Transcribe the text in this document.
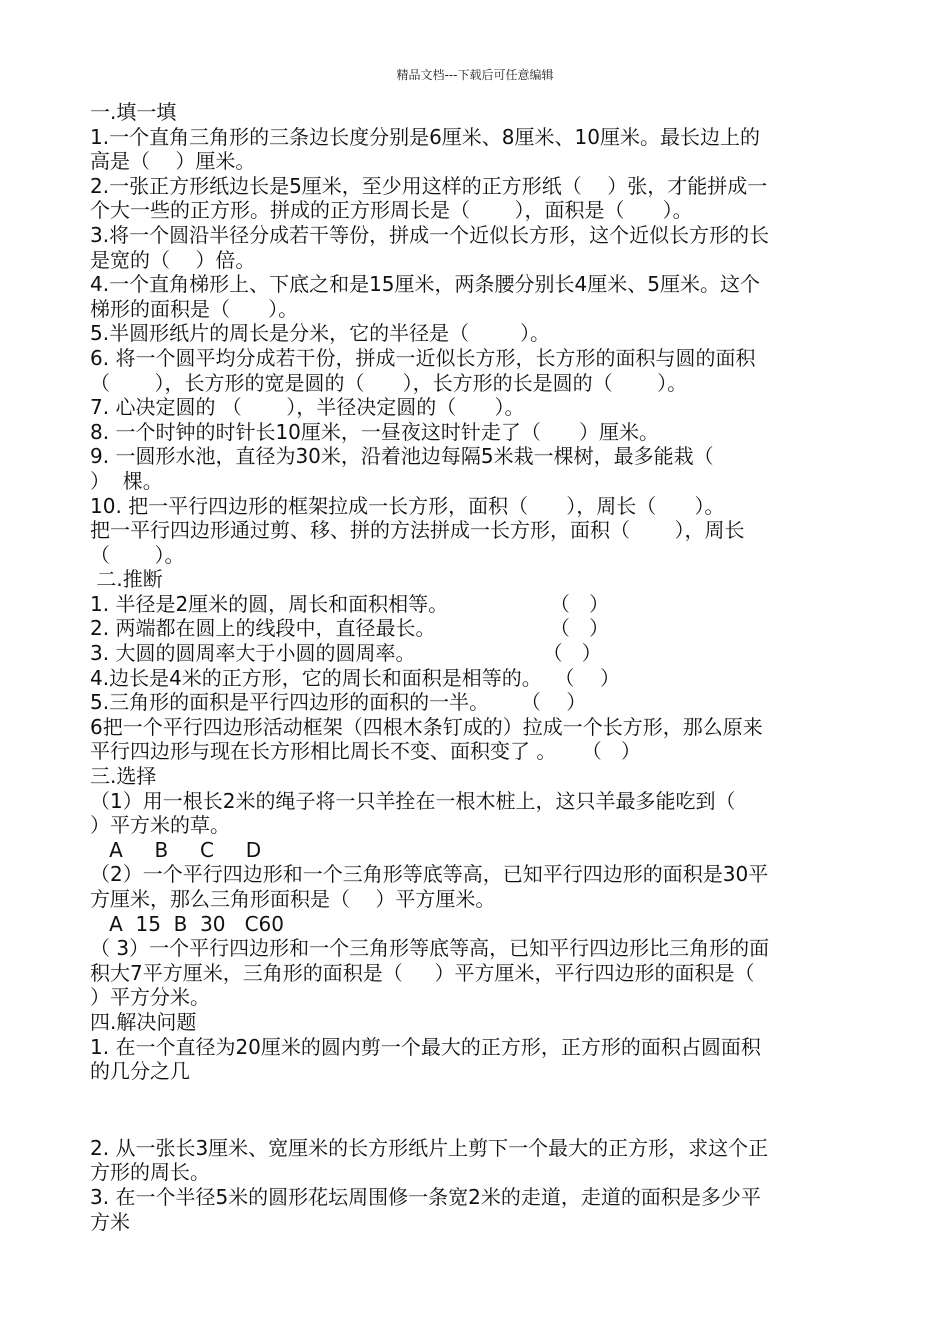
精品文档---下载后可任意编辑
一.填一填
1.一个直角三角形的三条边长度分别是6厘米、8厘米、10厘米。最长边上的
高是（    ）厘米。
2.一张正方形纸边长是5厘米，至少用这样的正方形纸（    ）张，才能拼成一
个大一些的正方形。拼成的正方形周长是（       ），面积是（      ）。
3.将一个圆沿半径分成若干等份，拼成一个近似长方形，这个近似长方形的长
是宽的（    ）倍。
4.一个直角梯形上、下底之和是15厘米，两条腰分别长4厘米、5厘米。这个
梯形的面积是（      ）。
5.半圆形纸片的周长是分米，它的半径是（        ）。
6. 将一个圆平均分成若干份，拼成一近似长方形，长方形的面积与圆的面积
（       ），长方形的宽是圆的（      ），长方形的长是圆的（       ）。
7. 心决定圆的 （       ），半径决定圆的（      ）。
8. 一个时钟的时针长10厘米，一昼夜这时针走了（      ）厘米。
9. 一圆形水池，直径为30米，沿着池边每隔5米栽一棵树，最多能栽（
）  棵。
10. 把一平行四边形的框架拉成一长方形，面积（      ），周长（      ）。
把一平行四边形通过剪、移、拼的方法拼成一长方形，面积（       ），周长
（       ）。
二.推断
1. 半径是2厘米的圆，周长和面积相等。                （   ）
2. 两端都在圆上的线段中，直径最长。                  （   ）
3. 大圆的圆周率大于小圆的圆周率。                    （   ）
4.边长是4米的正方形，它的周长和面积是相等的。  （    ）
5.三角形的面积是平行四边形的面积的一半。     （    ）
6把一个平行四边形活动框架（四根木条钉成的）拉成一个长方形，那么原来
平行四边形与现在长方形相比周长不变、面积变了 。    （   ）
三.选择
（1）用一根长2米的绳子将一只羊拴在一根木桩上，这只羊最多能吃到（
）平方米的草。
A     B     C     D
（2）一个平行四边形和一个三角形等底等高，已知平行四边形的面积是30平
方厘米，那么三角形面积是（    ）平方厘米。
A  15  B  30   C60
（ 3）一个平行四边形和一个三角形等底等高，已知平行四边形比三角形的面
积大7平方厘米，三角形的面积是（     ）平方厘米，平行四边形的面积是（
）平方分米。
四.解决问题
1. 在一个直径为20厘米的圆内剪一个最大的正方形，正方形的面积占圆面积
的几分之几
2. 从一张长3厘米、宽厘米的长方形纸片上剪下一个最大的正方形，求这个正
方形的周长。
3. 在一个半径5米的圆形花坛周围修一条宽2米的走道，走道的面积是多少平
方米
